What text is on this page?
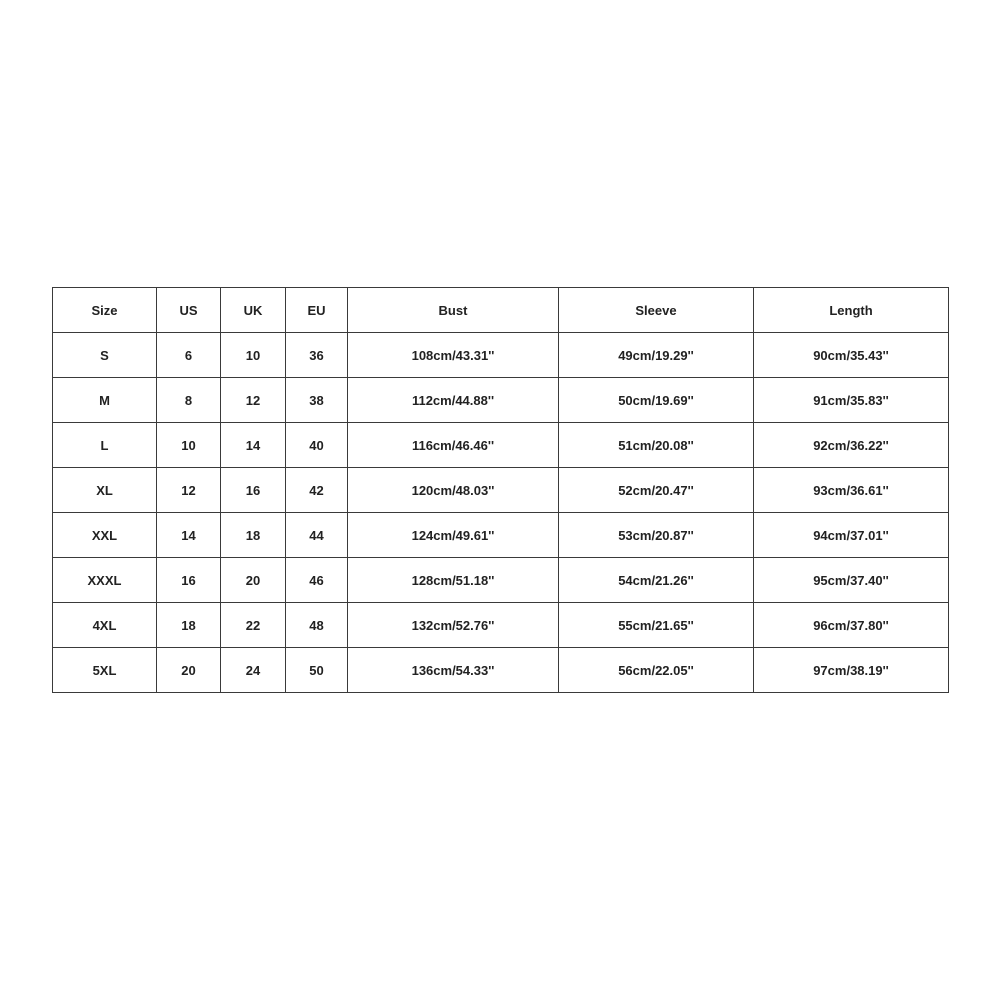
Size	US	UK	EU	Bust	Sleeve	Length
S	6	10	36	108cm/43.31''	49cm/19.29''	90cm/35.43''
M	8	12	38	112cm/44.88''	50cm/19.69''	91cm/35.83''
L	10	14	40	116cm/46.46''	51cm/20.08''	92cm/36.22''
XL	12	16	42	120cm/48.03''	52cm/20.47''	93cm/36.61''
XXL	14	18	44	124cm/49.61''	53cm/20.87''	94cm/37.01''
XXXL	16	20	46	128cm/51.18''	54cm/21.26''	95cm/37.40''
4XL	18	22	48	132cm/52.76''	55cm/21.65''	96cm/37.80''
5XL	20	24	50	136cm/54.33''	56cm/22.05''	97cm/38.19''
